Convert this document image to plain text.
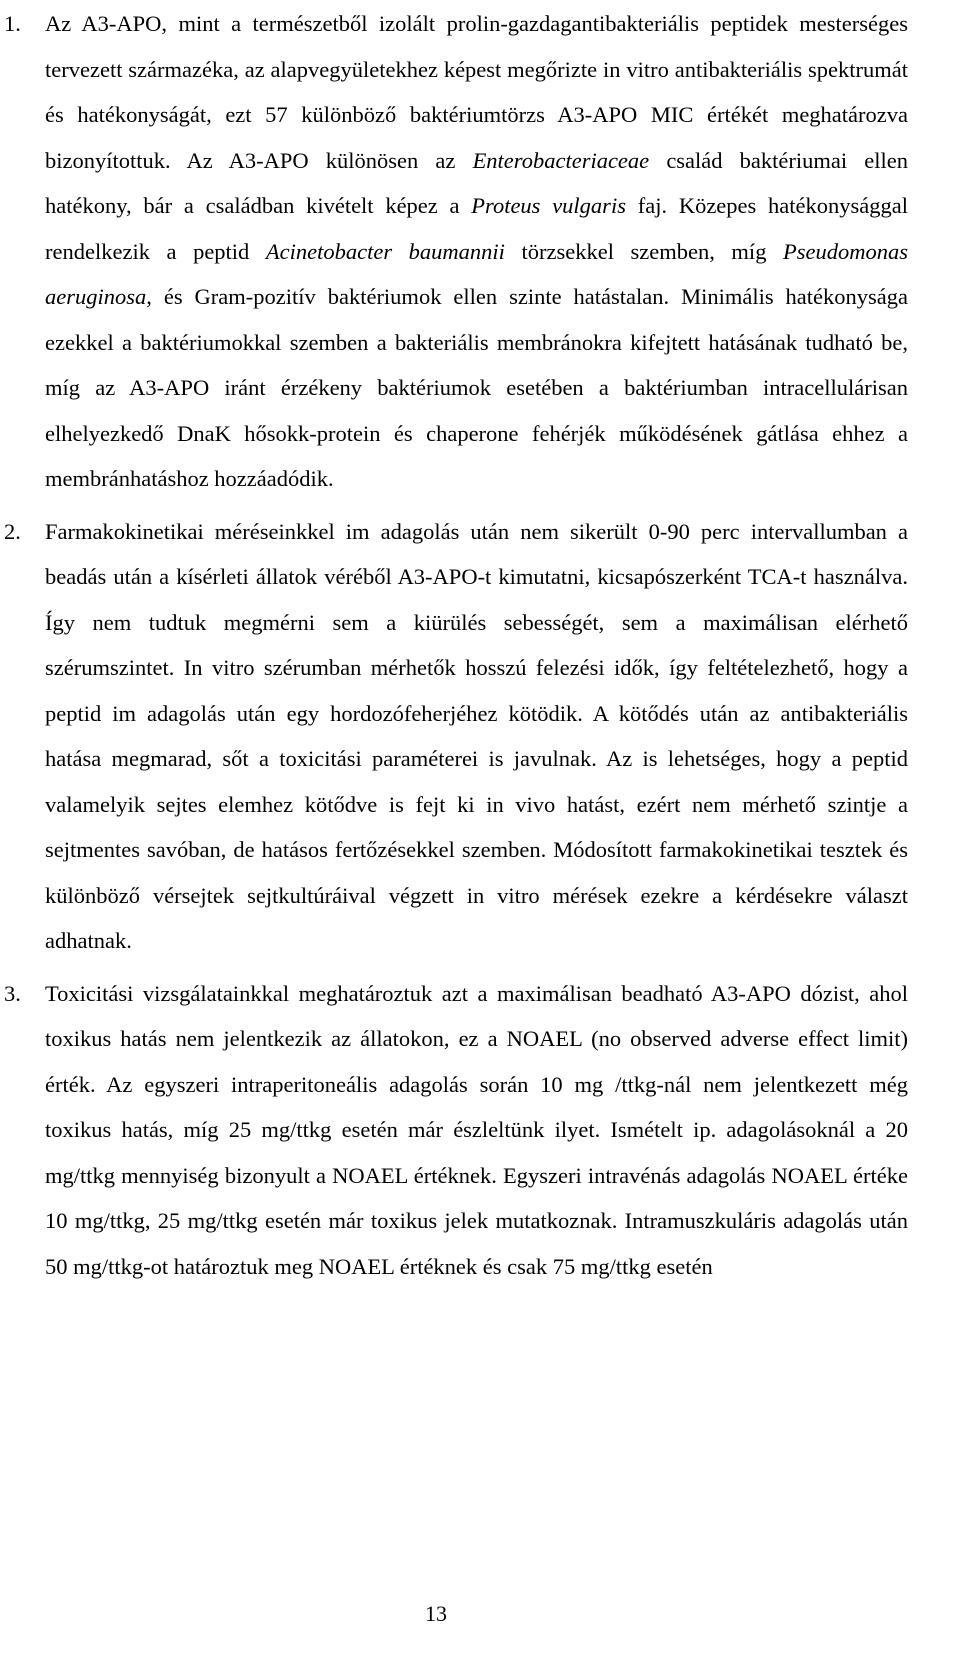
1. Az A3-APO, mint a természetből izolált prolin-gazdagantibakteriális peptidek mesterséges tervezett származéka, az alapvegyületekhez képest megőrizte in vitro antibakteriális spektrumát és hatékonyságát, ezt 57 különböző baktériumtörzs A3-APO MIC értékét meghatározva bizonyítottuk. Az A3-APO különösen az Enterobacteriaceae család baktériumai ellen hatékony, bár a családban kivételt képez a Proteus vulgaris faj. Közepes hatékonysággal rendelkezik a peptid Acinetobacter baumannii törzsekkel szemben, míg Pseudomonas aeruginosa, és Gram-pozitív baktériumok ellen szinte hatástalan. Minimális hatékonysága ezekkel a baktériumokkal szemben a bakteriális membránokra kifejtett hatásának tudható be, míg az A3-APO iránt érzékeny baktériumok esetében a baktériumban intracellulárisan elhelyezkedő DnaK hősokk-protein és chaperone fehérjék működésének gátlása ehhez a membránhatáshoz hozzáadódik.
2. Farmakokinetikai méréseinkkel im adagolás után nem sikerült 0-90 perc intervallumban a beadás után a kísérleti állatok véréből A3-APO-t kimutatni, kicsapószerként TCA-t használva. Így nem tudtuk megmérni sem a kiürülés sebességét, sem a maximálisan elérhető szérumszintet. In vitro szérumban mérhetők hosszú felezési idők, így feltételezhető, hogy a peptid im adagolás után egy hordozófeherjéhez kötödik. A kötődés után az antibakteriális hatása megmarad, sőt a toxicitási paraméterei is javulnak. Az is lehetséges, hogy a peptid valamelyik sejtes elemhez kötődve is fejt ki in vivo hatást, ezért nem mérhető szintje a sejtmentes savóban, de hatásos fertőzésekkel szemben. Módosított farmakokinetikai tesztek és különböző vérsejtek sejtkultúráival végzett in vitro mérések ezekre a kérdésekre választ adhatnak.
3. Toxicitási vizsgálatainkkal meghatároztuk azt a maximálisan beadható A3-APO dózist, ahol toxikus hatás nem jelentkezik az állatokon, ez a NOAEL (no observed adverse effect limit) érték. Az egyszeri intraperitoneális adagolás során 10 mg /ttkg-nál nem jelentkezett még toxikus hatás, míg 25 mg/ttkg esetén már észleltünk ilyet. Ismételt ip. adagolásoknál a 20 mg/ttkg mennyiség bizonyult a NOAEL értéknek. Egyszeri intravénás adagolás NOAEL értéke 10 mg/ttkg, 25 mg/ttkg esetén már toxikus jelek mutatkoznak. Intramuszkuláris adagolás után 50 mg/ttkg-ot határoztuk meg NOAEL értéknek és csak 75 mg/ttkg esetén
13
